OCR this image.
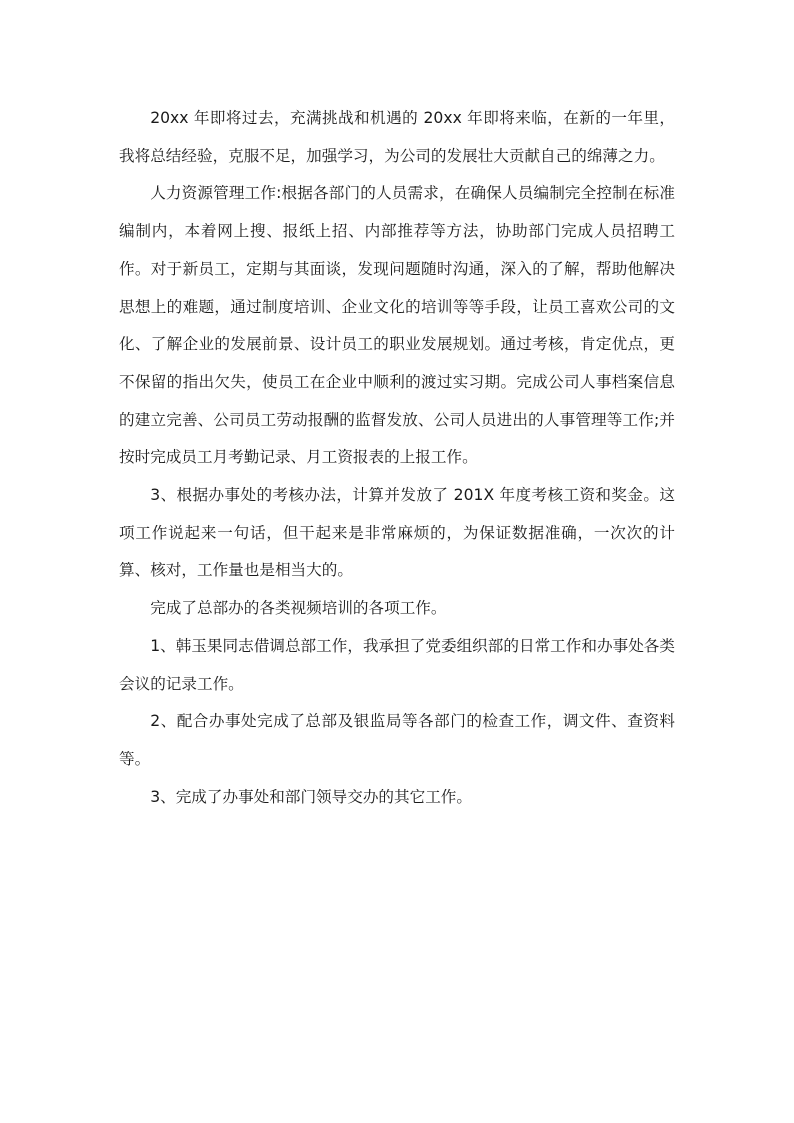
20xx 年即将过去，充满挑战和机遇的 20xx 年即将来临，在新的一年里，我将总结经验，克服不足，加强学习，为公司的发展壮大贡献自己的绵薄之力。

人力资源管理工作:根据各部门的人员需求，在确保人员编制完全控制在标准编制内，本着网上搜、报纸上招、内部推荐等方法，协助部门完成人员招聘工作。对于新员工，定期与其面谈，发现问题随时沟通，深入的了解，帮助他解决思想上的难题，通过制度培训、企业文化的培训等等手段，让员工喜欢公司的文化、了解企业的发展前景、设计员工的职业发展规划。通过考核，肯定优点，更不保留的指出欠失，使员工在企业中顺利的渡过实习期。完成公司人事档案信息的建立完善、公司员工劳动报酬的监督发放、公司人员进出的人事管理等工作;并按时完成员工月考勤记录、月工资报表的上报工作。

3、根据办事处的考核办法，计算并发放了 201X 年度考核工资和奖金。这项工作说起来一句话，但干起来是非常麻烦的，为保证数据准确，一次次的计算、核对，工作量也是相当大的。

完成了总部办的各类视频培训的各项工作。

1、韩玉果同志借调总部工作，我承担了党委组织部的日常工作和办事处各类会议的记录工作。

2、配合办事处完成了总部及银监局等各部门的检查工作，调文件、查资料等。

3、完成了办事处和部门领导交办的其它工作。
